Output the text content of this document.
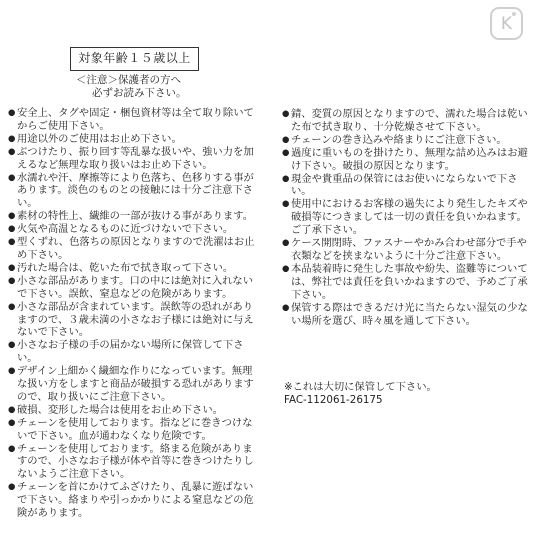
K
対象年齢１５歳以上
＜注意＞保護者の方へ
必ずお読み下さい。
● 安全上、タグや固定・梱包資材等は全て取り除いてからご使用下さい。
● 用途以外のご使用はお止め下さい。
● ぶつけたり、振り回す等乱暴な扱いや、強い力を加えるなど無理な取り扱いはお止め下さい。
● 水濡れや汗、摩擦等により色落ち、色移りする事があります。淡色のものとの接触には十分ご注意下さい。
● 素材の特性上、繊維の一部が抜ける事があります。
● 火気や高温となるものに近づけないで下さい。
● 型くずれ、色落ちの原因となりますので洗濯はお止め下さい。
● 汚れた場合は、乾いた布で拭き取って下さい。
● 小さな部品があります。口の中には絶対に入れないで下さい。誤飲、窒息などの危険があります。
● 小さな部品が含まれています。誤飲等の恐れがありますので、３歳未満の小さなお子様には絶対に与えないで下さい。
● 小さなお子様の手の届かない場所に保管して下さい。
● デザイン上細かく繊細な作りになっています。無理な扱い方をしますと商品が破損する恐れがありますので、取り扱いにご注意下さい。
● 破損、変形した場合は使用をお止め下さい。
● チェーンを使用しております。指などに巻きつけないで下さい。血が通わなくなり危険です。
● チェーンを使用しております。絡まる危険がありますので、小さなお子様が体や首等に巻きつけたりしないようご注意下さい。
● チェーンを首にかけてふざけたり、乱暴に遊ばないで下さい。絡まりや引っかかりによる窒息などの危険があります。
● 錆、変質の原因となりますので、濡れた場合は乾いた布で拭き取り、十分乾燥させて下さい。
● チェーンの巻き込みや絡まりにご注意下さい。
● 過度に重いものを掛けたり、無理な詰め込みはお避け下さい。破損の原因となります。
● 現金や貴重品の保管にはお使いにならないで下さい。
● 使用中におけるお客様の過失により発生したキズや破損等につきましては一切の責任を負いかねます。ご了承下さい。
● ケース開閉時、ファスナーやかみ合わせ部分で手や衣類などを挟まないように十分ご注意下さい。
● 本品装着時に発生した事故や紛失、盗難等については、弊社では責任を負いかねますので、予めご了承下さい。
● 保管する際はできるだけ光に当たらない湿気の少ない場所を選び、時々風を通して下さい。
※これは大切に保管して下さい。
FAC-112061-26175
